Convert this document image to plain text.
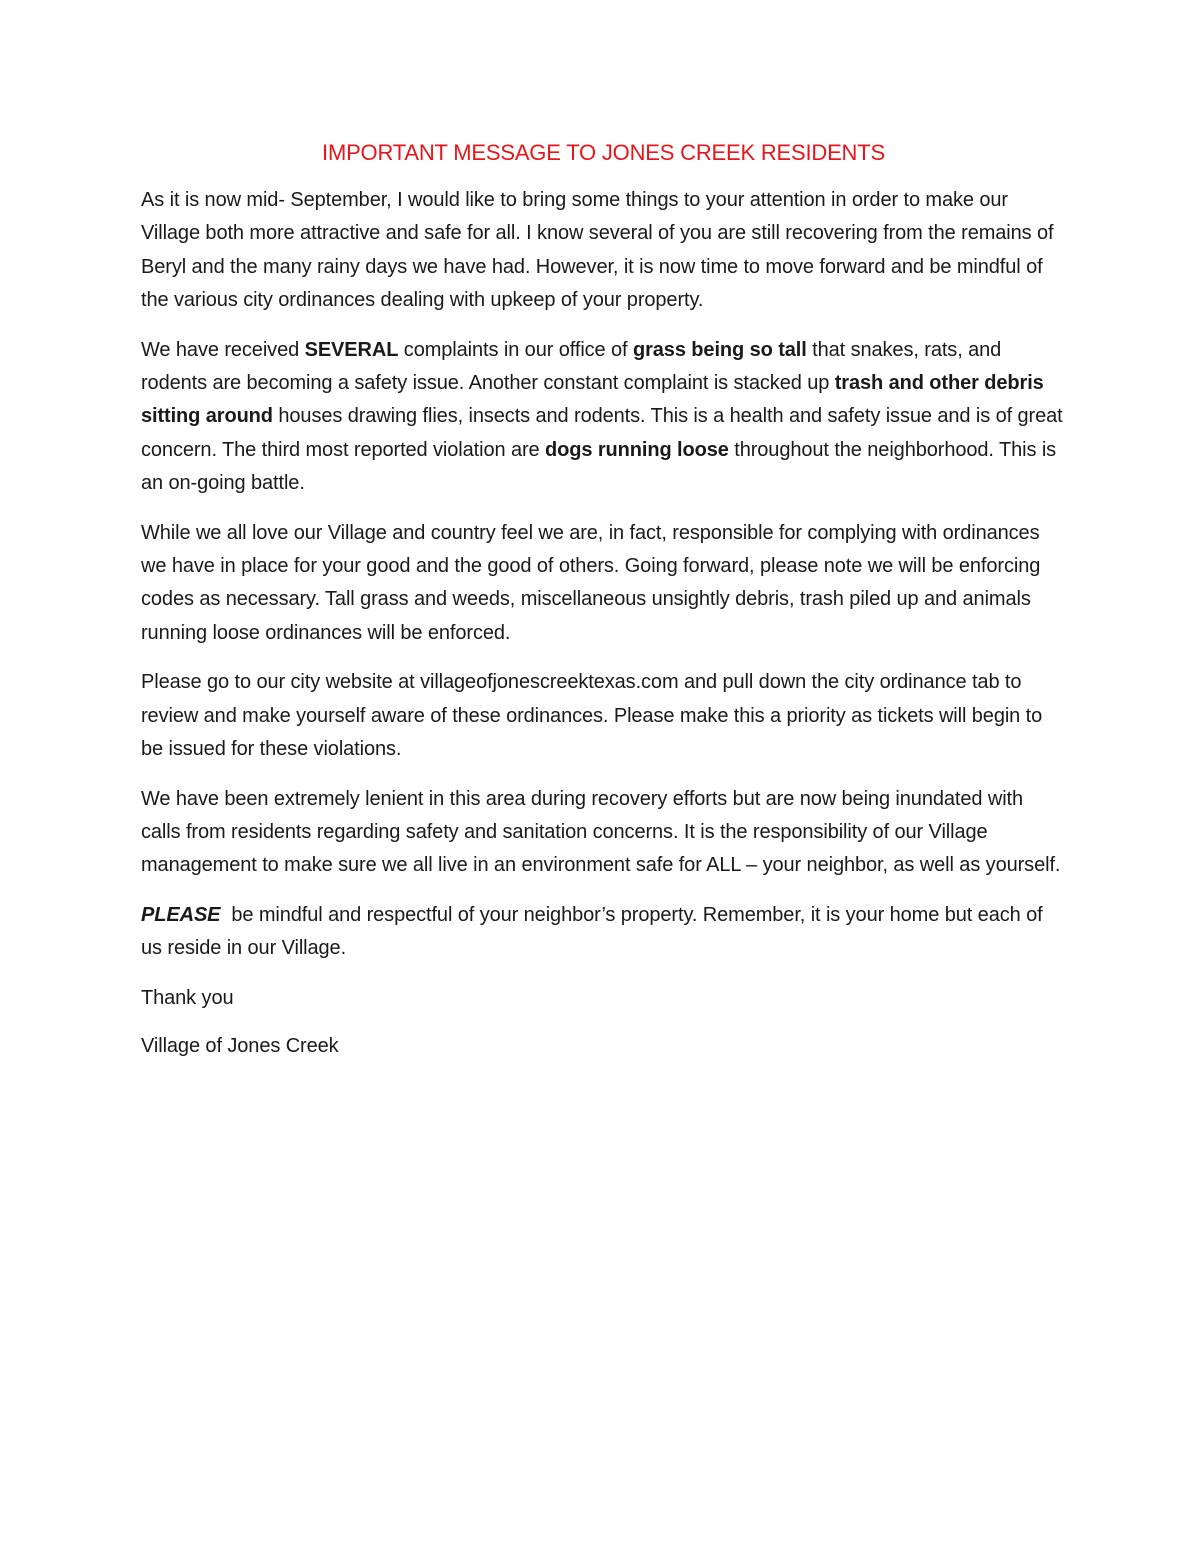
IMPORTANT MESSAGE TO JONES CREEK RESIDENTS

As it is now mid- September, I would like to bring some things to your attention in order to make our Village both more attractive and safe for all. I know several of you are still recovering from the remains of Beryl and the many rainy days we have had. However, it is now time to move forward and be mindful of the various city ordinances dealing with upkeep of your property.

We have received SEVERAL complaints in our office of grass being so tall that snakes, rats, and rodents are becoming a safety issue. Another constant complaint is stacked up trash and other debris sitting around houses drawing flies, insects and rodents. This is a health and safety issue and is of great concern. The third most reported violation are dogs running loose throughout the neighborhood. This is an on-going battle.

While we all love our Village and country feel we are, in fact, responsible for complying with ordinances we have in place for your good and the good of others. Going forward, please note we will be enforcing codes as necessary. Tall grass and weeds, miscellaneous unsightly debris, trash piled up and animals running loose ordinances will be enforced.

Please go to our city website at villageofjonescreektexas.com and pull down the city ordinance tab to review and make yourself aware of these ordinances. Please make this a priority as tickets will begin to be issued for these violations.

We have been extremely lenient in this area during recovery efforts but are now being inundated with calls from residents regarding safety and sanitation concerns. It is the responsibility of our Village management to make sure we all live in an environment safe for ALL – your neighbor, as well as yourself.

PLEASE  be mindful and respectful of your neighbor’s property. Remember, it is your home but each of us reside in our Village.

Thank you

Village of Jones Creek
